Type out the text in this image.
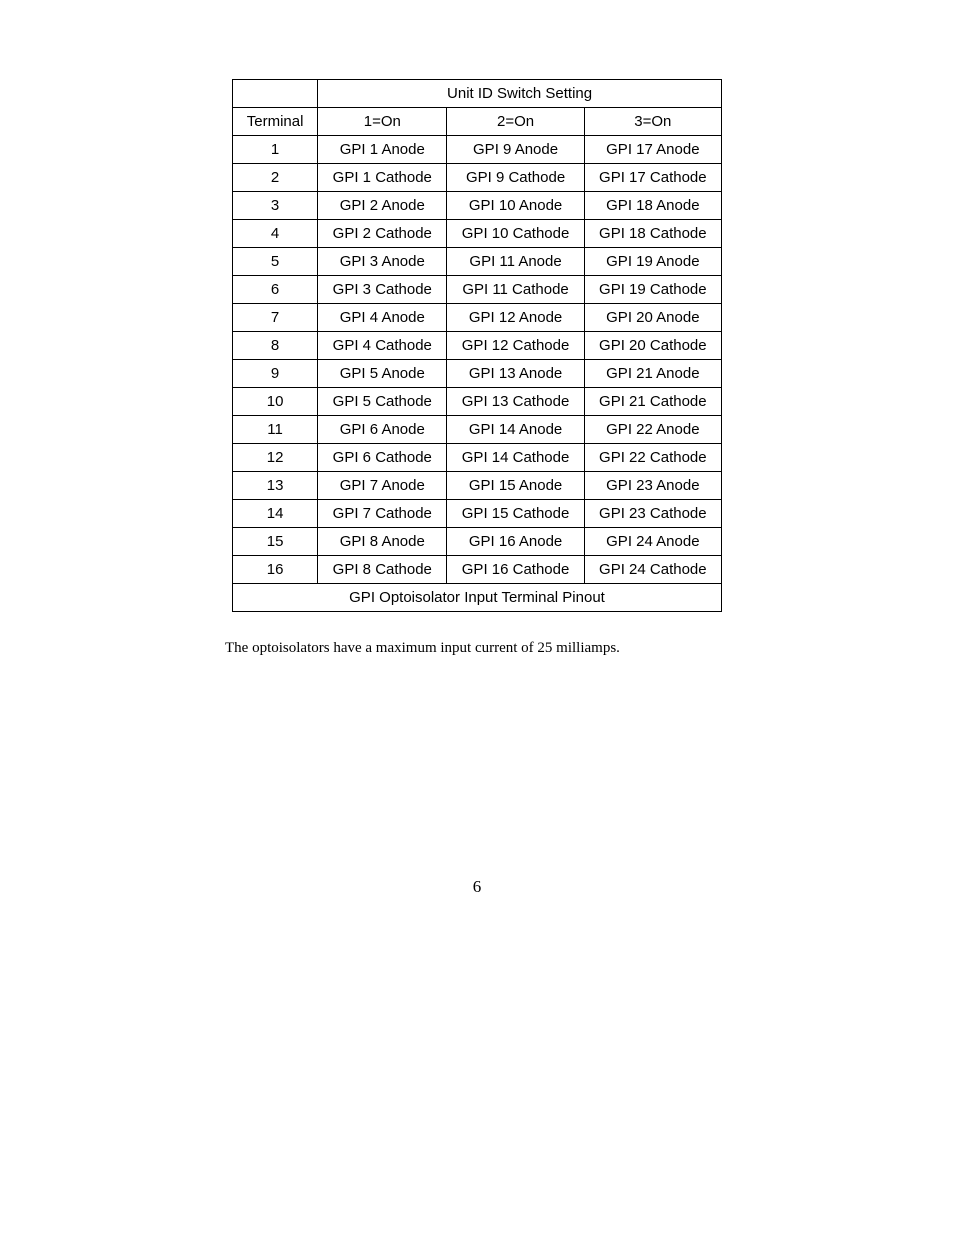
	Unit ID Switch Setting		
Terminal	1=On	2=On	3=On
1	GPI 1 Anode	GPI 9 Anode	GPI 17 Anode
2	GPI 1 Cathode	GPI 9 Cathode	GPI 17 Cathode
3	GPI 2 Anode	GPI 10 Anode	GPI 18 Anode
4	GPI 2 Cathode	GPI 10 Cathode	GPI 18 Cathode
5	GPI 3 Anode	GPI 11 Anode	GPI 19 Anode
6	GPI 3 Cathode	GPI 11 Cathode	GPI 19 Cathode
7	GPI 4 Anode	GPI 12 Anode	GPI 20 Anode
8	GPI 4 Cathode	GPI 12 Cathode	GPI 20 Cathode
9	GPI 5 Anode	GPI 13 Anode	GPI 21 Anode
10	GPI 5 Cathode	GPI 13 Cathode	GPI 21 Cathode
11	GPI 6 Anode	GPI 14 Anode	GPI 22 Anode
12	GPI 6 Cathode	GPI 14 Cathode	GPI 22 Cathode
13	GPI 7 Anode	GPI 15 Anode	GPI 23 Anode
14	GPI 7 Cathode	GPI 15 Cathode	GPI 23 Cathode
15	GPI 8 Anode	GPI 16 Anode	GPI 24 Anode
16	GPI 8 Cathode	GPI 16 Cathode	GPI 24 Cathode
GPI Optoisolator Input Terminal Pinout			

The optoisolators have a maximum input current of 25 milliamps.

6
